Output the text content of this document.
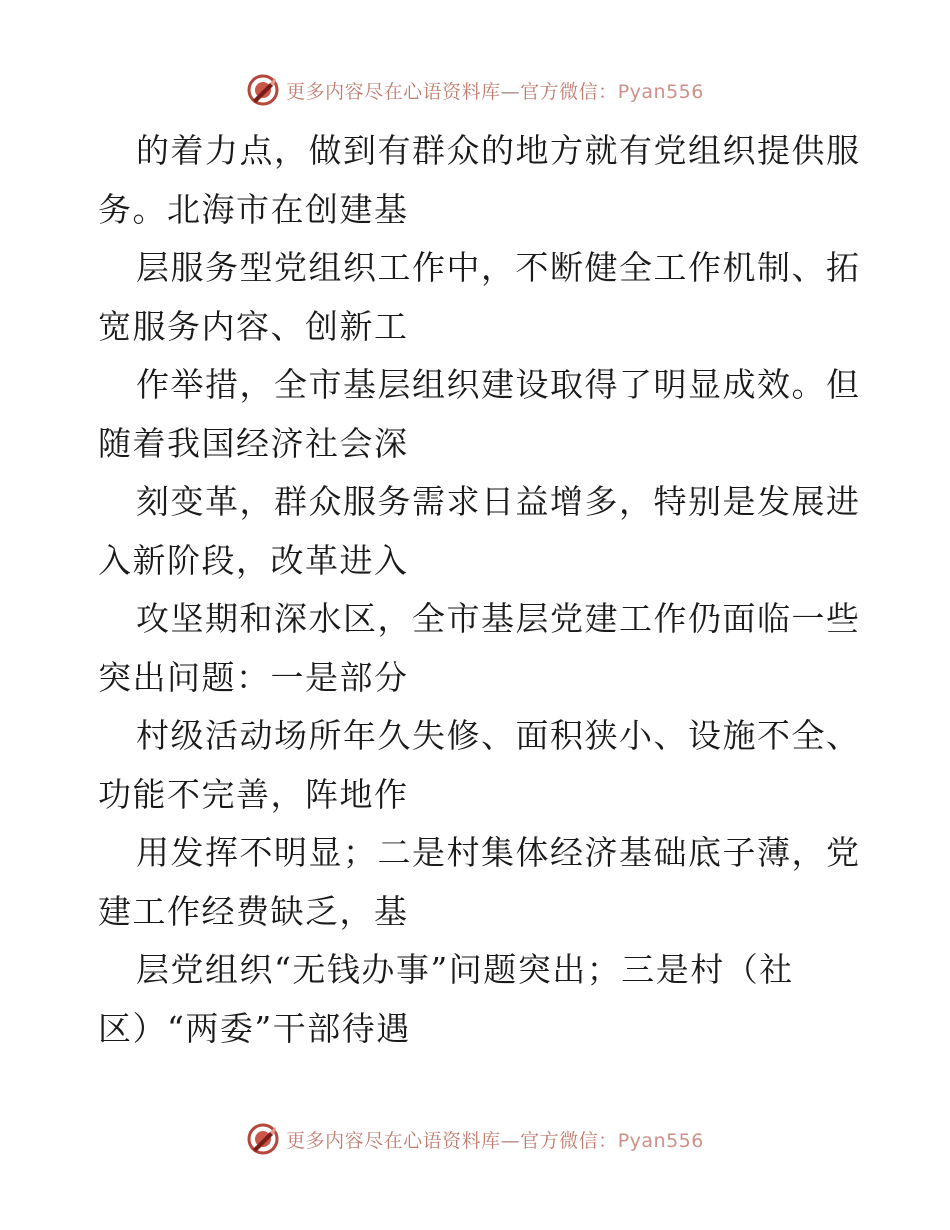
更多内容尽在心语资料库—官方微信：Pyan556
的着力点，做到有群众的地方就有党组织提供服
务。北海市在创建基
层服务型党组织工作中，不断健全工作机制、拓
宽服务内容、创新工
作举措，全市基层组织建设取得了明显成效。但
随着我国经济社会深
刻变革，群众服务需求日益增多，特别是发展进
入新阶段，改革进入
攻坚期和深水区，全市基层党建工作仍面临一些
突出问题：一是部分
村级活动场所年久失修、面积狭小、设施不全、
功能不完善，阵地作
用发挥不明显；二是村集体经济基础底子薄，党
建工作经费缺乏，基
层党组织“无钱办事”问题突出；三是村（社
区）“两委”干部待遇
更多内容尽在心语资料库—官方微信：Pyan556
